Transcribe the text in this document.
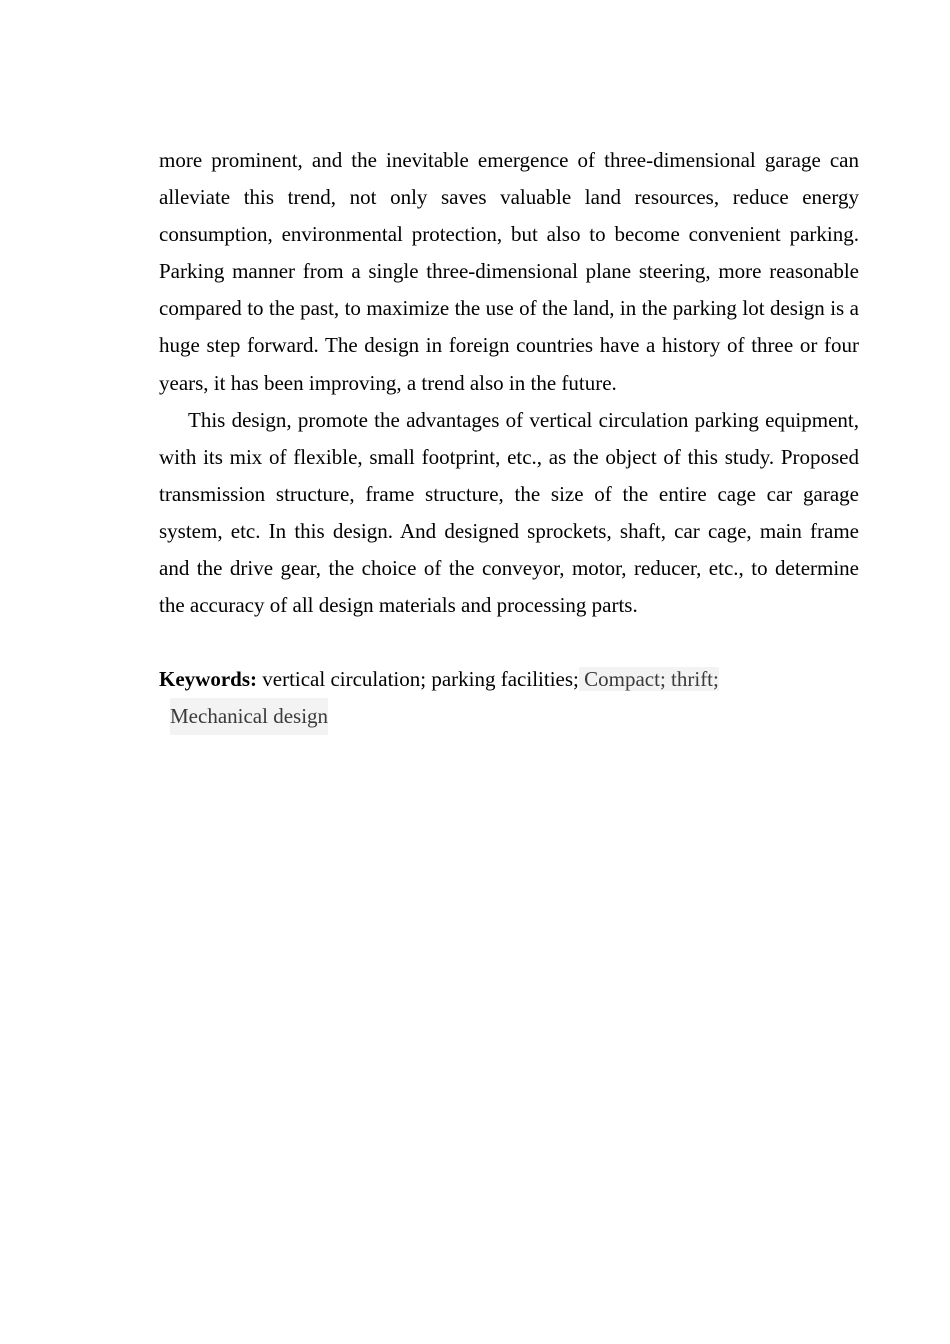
more prominent, and the inevitable emergence of three-dimensional garage can alleviate this trend, not only saves valuable land resources, reduce energy consumption, environmental protection, but also to become convenient parking. Parking manner from a single three-dimensional plane steering, more reasonable compared to the past, to maximize the use of the land, in the parking lot design is a huge step forward. The design in foreign countries have a history of three or four years, it has been improving, a trend also in the future.

This design, promote the advantages of vertical circulation parking equipment, with its mix of flexible, small footprint, etc., as the object of this study. Proposed transmission structure, frame structure, the size of the entire cage car garage system, etc. In this design. And designed sprockets, shaft, car cage, main frame and the drive gear, the choice of the conveyor, motor, reducer, etc., to determine the accuracy of all design materials and processing parts.

Keywords: vertical circulation; parking facilities; Compact; thrift;
Mechanical design
